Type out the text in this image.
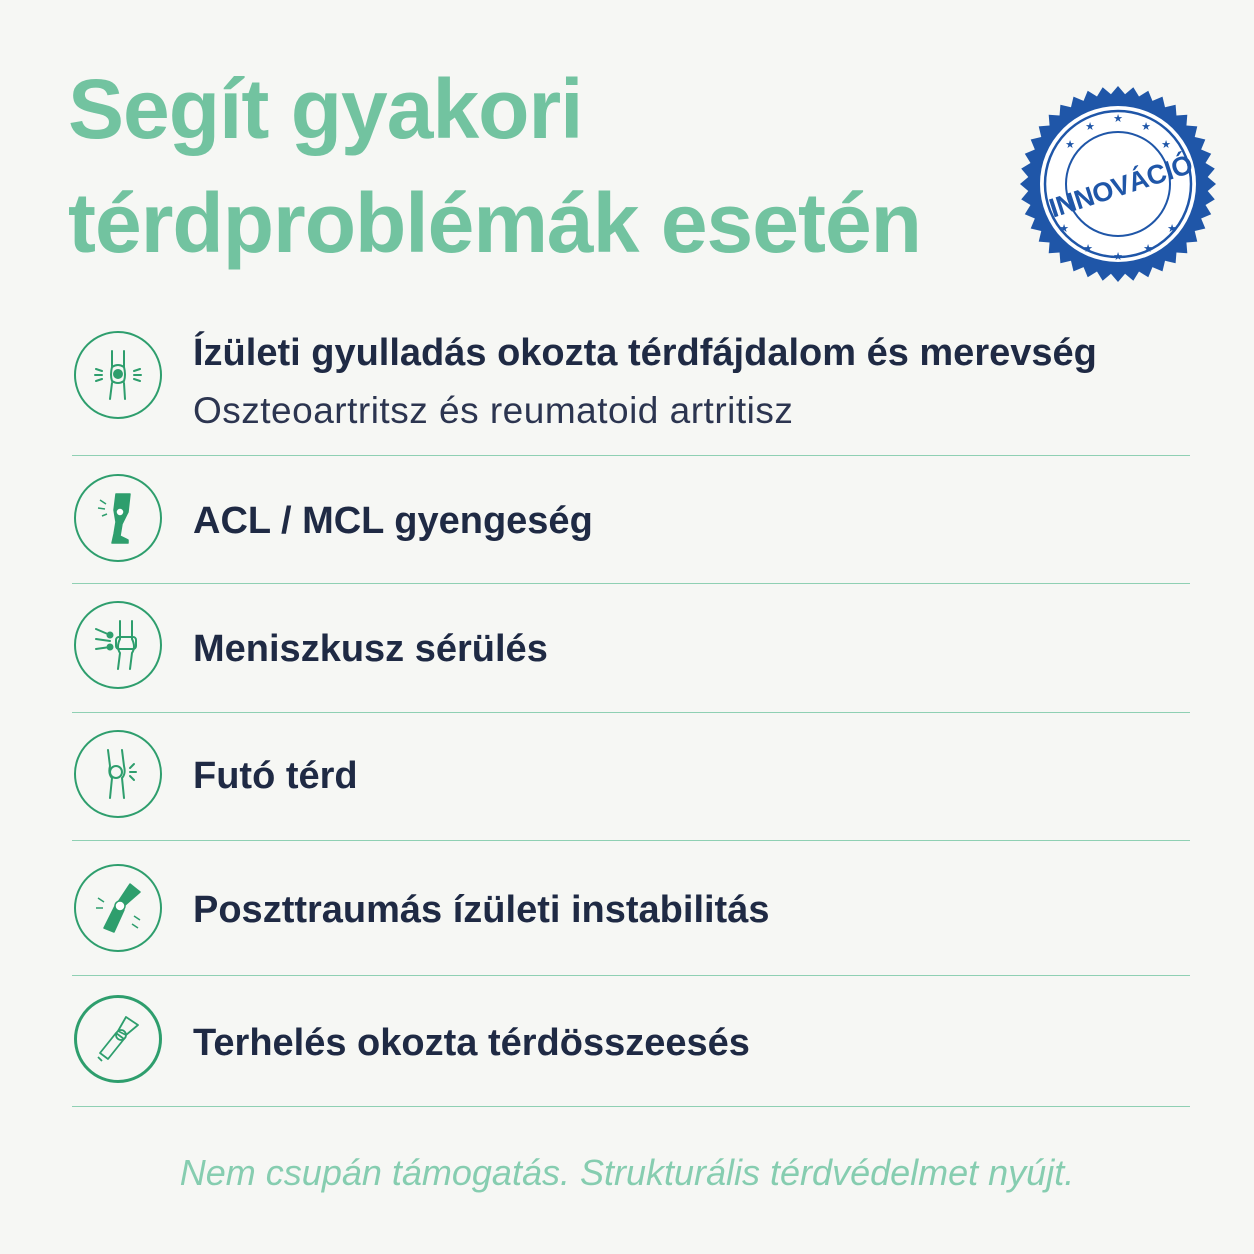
Segít gyakori
térdproblémák esetén
★
★	★
★	★
★	★
★	★
★
INNOVÁCIÓ
Ízületi gyulladás okozta térdfájdalom és merevség
Oszteoartritsz és reumatoid artritisz
ACL / MCL gyengeség
Meniszkusz sérülés
Futó térd
Poszttraumás ízületi instabilitás
Terhelés okozta térdösszeesés
Nem csupán támogatás. Strukturális térdvédelmet nyújt.
